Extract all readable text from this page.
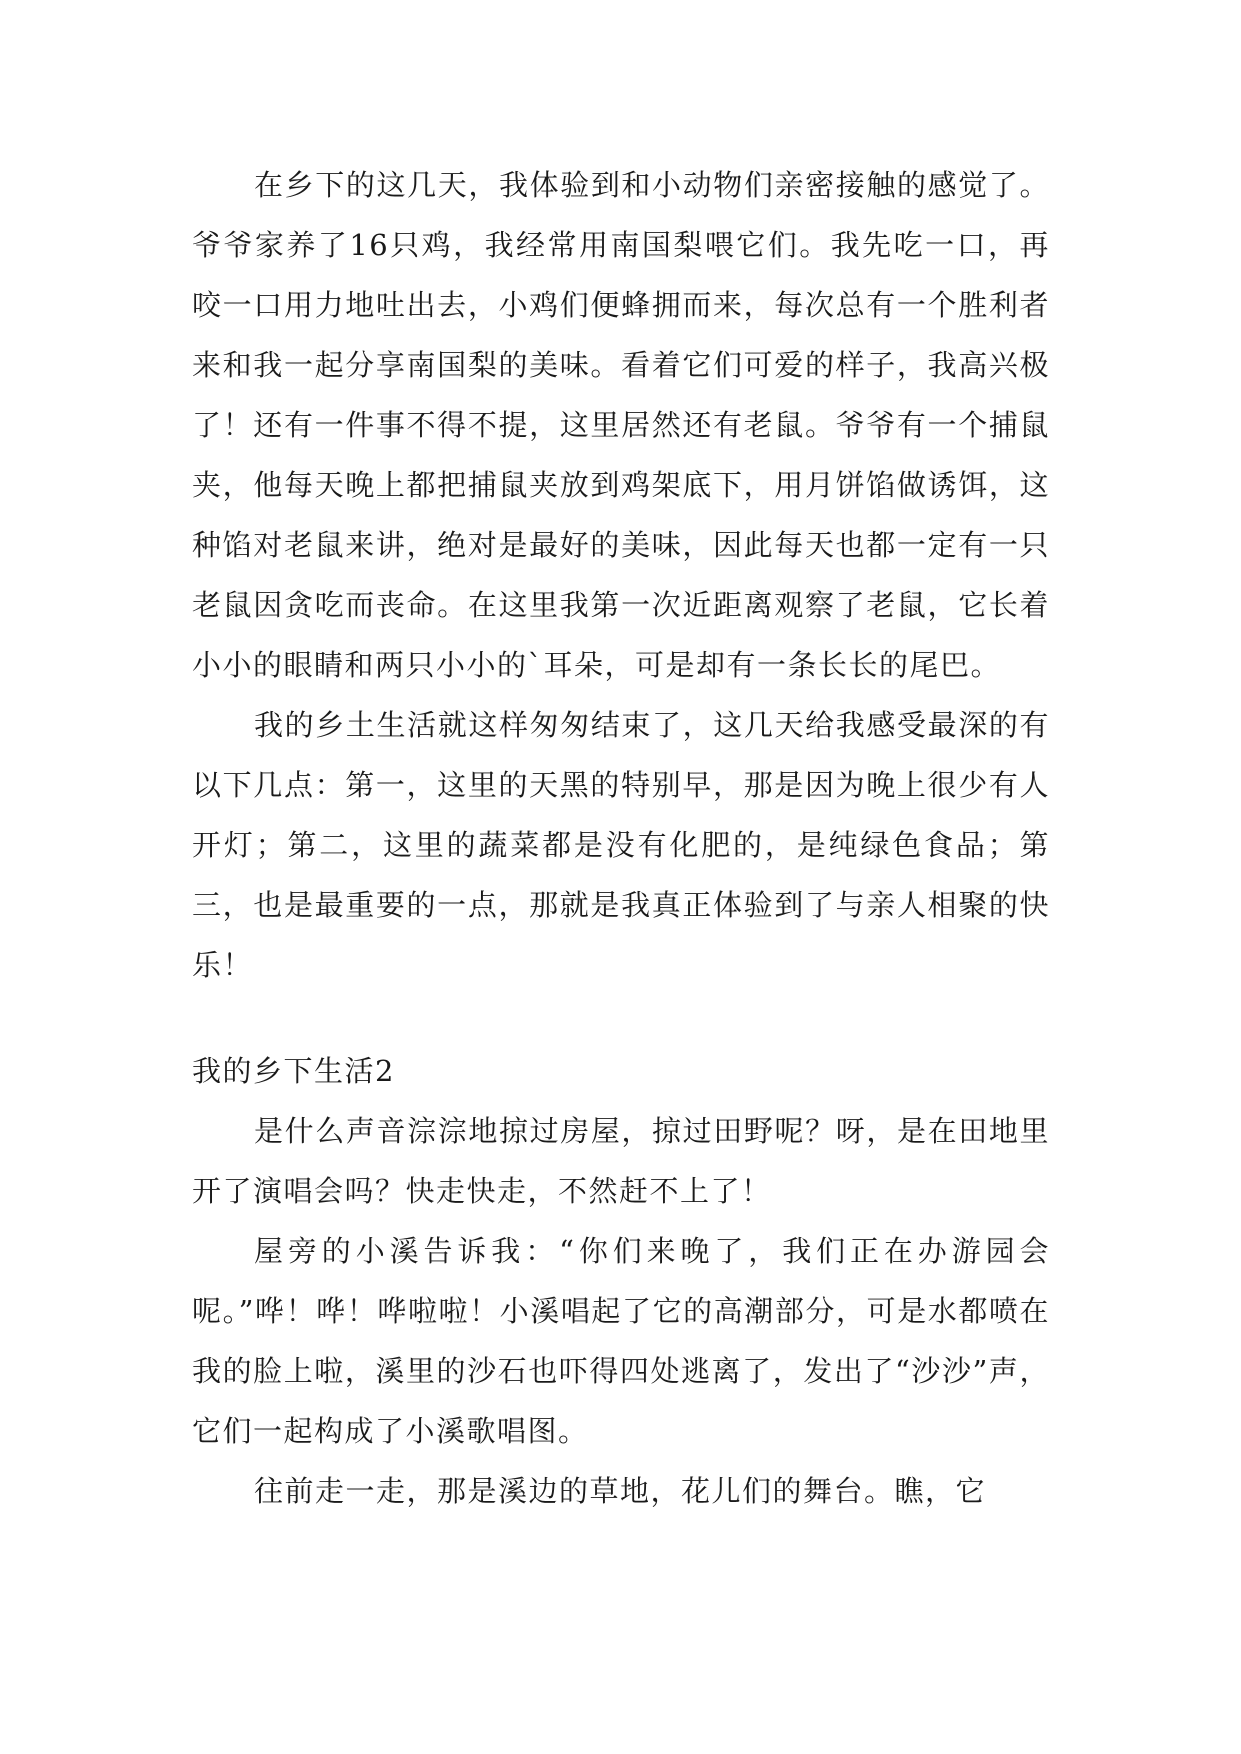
在乡下的这几天，我体验到和小动物们亲密接触的感觉了。爷爷家养了16只鸡，我经常用南国梨喂它们。我先吃一口，再咬一口用力地吐出去，小鸡们便蜂拥而来，每次总有一个胜利者来和我一起分享南国梨的美味。看着它们可爱的样子，我高兴极了！还有一件事不得不提，这里居然还有老鼠。爷爷有一个捕鼠夹，他每天晚上都把捕鼠夹放到鸡架底下，用月饼馅做诱饵，这种馅对老鼠来讲，绝对是最好的美味，因此每天也都一定有一只老鼠因贪吃而丧命。在这里我第一次近距离观察了老鼠，它长着小小的眼睛和两只小小的`耳朵，可是却有一条长长的尾巴。

我的乡土生活就这样匆匆结束了，这几天给我感受最深的有以下几点：第一，这里的天黑的特别早，那是因为晚上很少有人开灯；第二，这里的蔬菜都是没有化肥的，是纯绿色食品；第三，也是最重要的一点，那就是我真正体验到了与亲人相聚的快乐！

我的乡下生活2

是什么声音淙淙地掠过房屋，掠过田野呢？呀，是在田地里开了演唱会吗？快走快走，不然赶不上了！

屋旁的小溪告诉我：“你们来晚了，我们正在办游园会呢。”哗！哗！哗啦啦！小溪唱起了它的高潮部分，可是水都喷在我的脸上啦，溪里的沙石也吓得四处逃离了，发出了“沙沙”声，它们一起构成了小溪歌唱图。

往前走一走，那是溪边的草地，花儿们的舞台。瞧，它
